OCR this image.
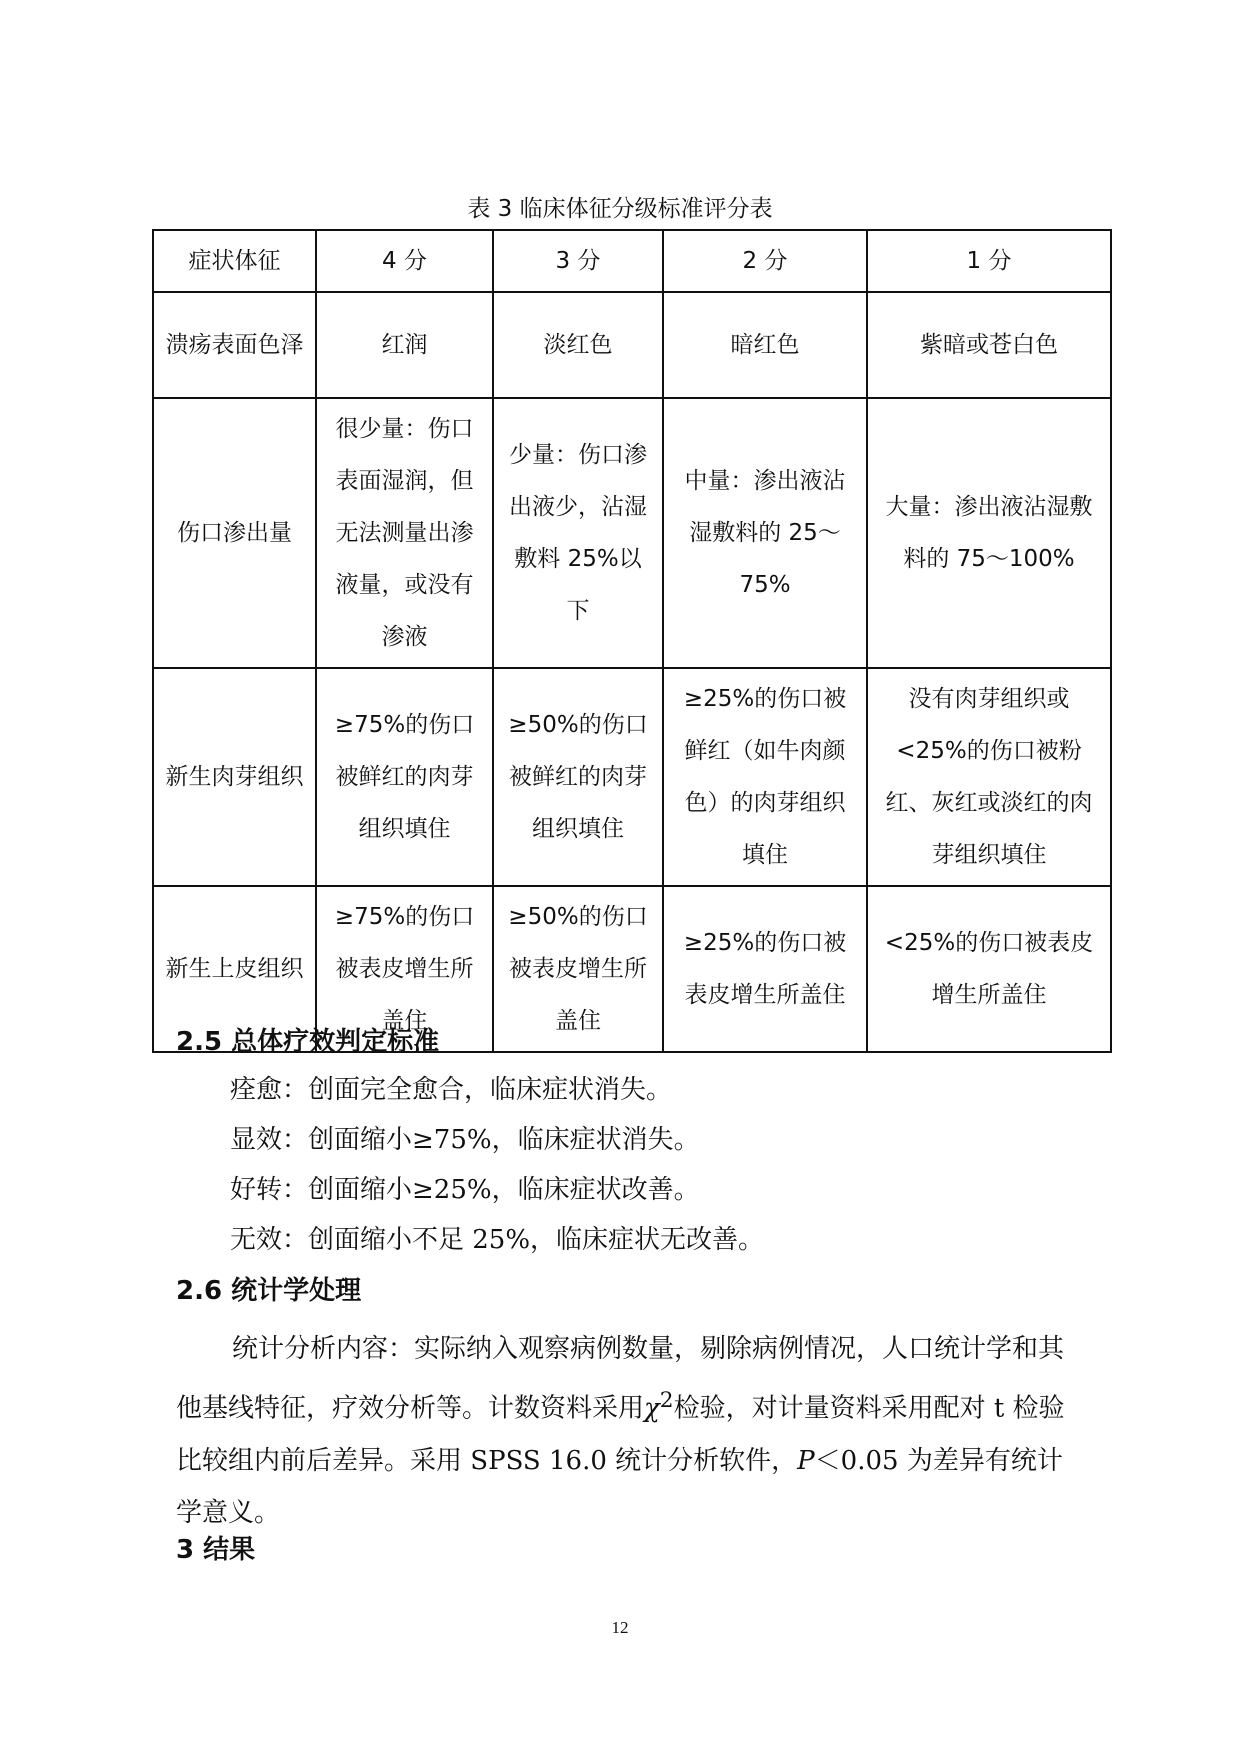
表 3 临床体征分级标准评分表
症状体征	4 分	3 分	2 分	1 分
溃疡表面色泽	红润	淡红色	暗红色	紫暗或苍白色
伤口渗出量	很少量：伤口表面湿润，但无法测量出渗液量，或没有渗液	少量：伤口渗出液少，沾湿敷料 25%以下	中量：渗出液沾湿敷料的 25～75%	大量：渗出液沾湿敷料的 75～100%
新生肉芽组织	≥75%的伤口被鲜红的肉芽组织填住	≥50%的伤口被鲜红的肉芽组织填住	≥25%的伤口被鲜红（如牛肉颜色）的肉芽组织填住	没有肉芽组织或<25%的伤口被粉红、灰红或淡红的肉芽组织填住
新生上皮组织	≥75%的伤口被表皮增生所盖住	≥50%的伤口被表皮增生所盖住	≥25%的伤口被表皮增生所盖住	<25%的伤口被表皮增生所盖住
2.5 总体疗效判定标准
痊愈：创面完全愈合，临床症状消失。
显效：创面缩小≥75%，临床症状消失。
好转：创面缩小≥25%，临床症状改善。
无效：创面缩小不足 25%，临床症状无改善。
2.6 统计学处理
统计分析内容：实际纳入观察病例数量，剔除病例情况，人口统计学和其他基线特征，疗效分析等。计数资料采用$\chi^2$检验，对计量资料采用配对 t 检验比较组内前后差异。采用 SPSS 16.0 统计分析软件，P＜0.05 为差异有统计学意义。
3 结果
12
